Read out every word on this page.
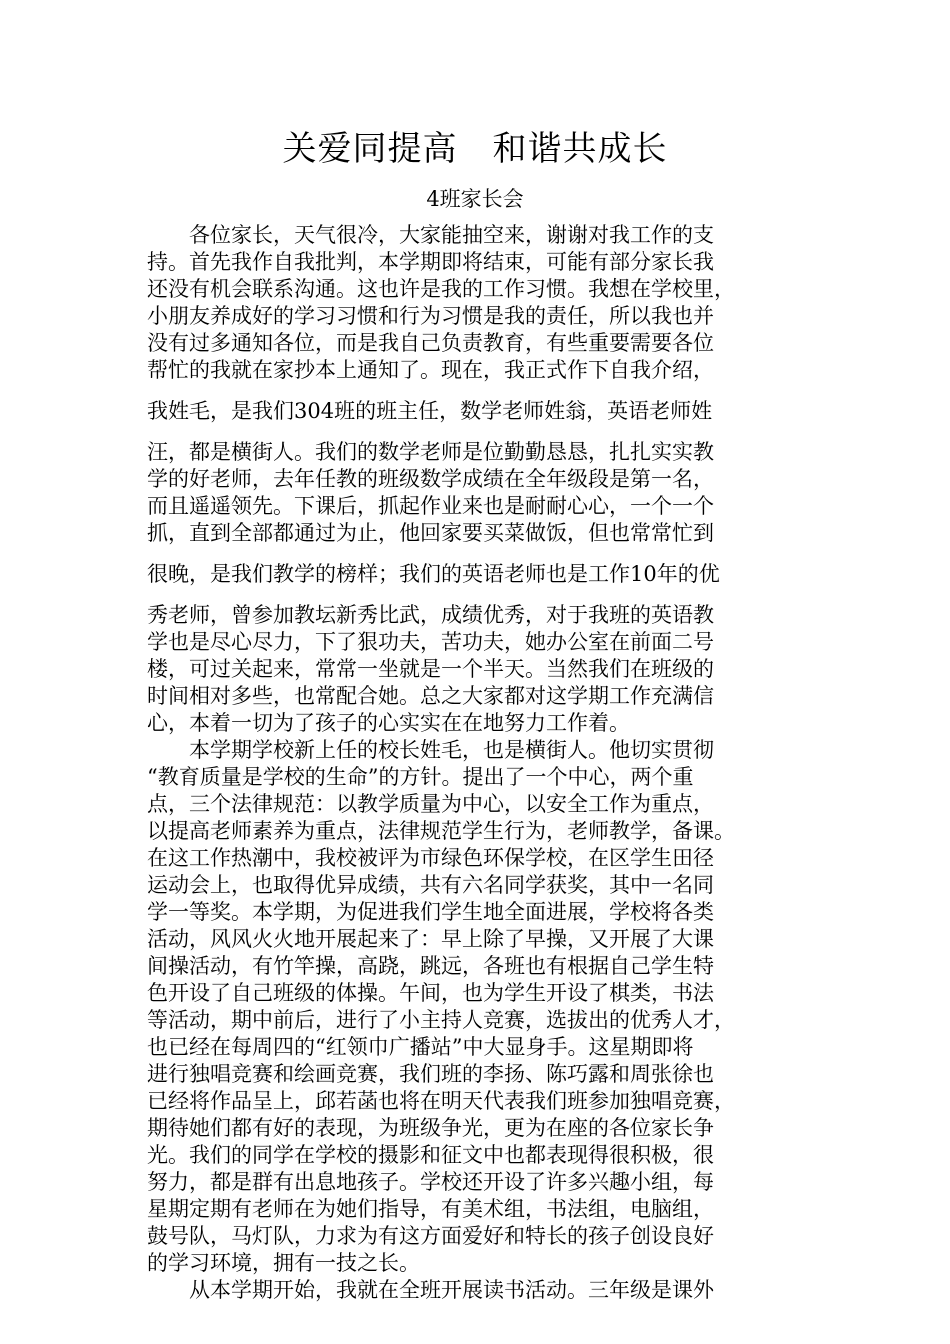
关爱同提高　和谐共成长
4班家长会
各位家长，天气很冷，大家能抽空来，谢谢对我工作的支
持。首先我作自我批判，本学期即将结束，可能有部分家长我
还没有机会联系沟通。这也许是我的工作习惯。我想在学校里，
小朋友养成好的学习习惯和行为习惯是我的责任，所以我也并
没有过多通知各位，而是我自己负责教育，有些重要需要各位
帮忙的我就在家抄本上通知了。现在，我正式作下自我介绍，
我姓毛，是我们304班的班主任，数学老师姓翁，英语老师姓
汪，都是横街人。我们的数学老师是位勤勤恳恳，扎扎实实教
学的好老师，去年任教的班级数学成绩在全年级段是第一名，
而且遥遥领先。下课后，抓起作业来也是耐耐心心，一个一个
抓，直到全部都通过为止，他回家要买菜做饭，但也常常忙到
很晚，是我们教学的榜样；我们的英语老师也是工作10年的优
秀老师，曾参加教坛新秀比武，成绩优秀，对于我班的英语教
学也是尽心尽力，下了狠功夫，苦功夫，她办公室在前面二号
楼，可过关起来，常常一坐就是一个半天。当然我们在班级的
时间相对多些，也常配合她。总之大家都对这学期工作充满信
心，本着一切为了孩子的心实实在在地努力工作着。
本学期学校新上任的校长姓毛，也是横街人。他切实贯彻
“教育质量是学校的生命”的方针。提出了一个中心，两个重
点，三个法律规范：以教学质量为中心，以安全工作为重点，
以提高老师素养为重点，法律规范学生行为，老师教学，备课。
在这工作热潮中，我校被评为市绿色环保学校，在区学生田径
运动会上，也取得优异成绩，共有六名同学获奖，其中一名同
学一等奖。本学期，为促进我们学生地全面进展，学校将各类
活动，风风火火地开展起来了：早上除了早操，又开展了大课
间操活动，有竹竿操，高跷，跳远，各班也有根据自己学生特
色开设了自己班级的体操。午间，也为学生开设了棋类，书法
等活动，期中前后，进行了小主持人竞赛，选拔出的优秀人才，
也已经在每周四的“红领巾广播站”中大显身手。这星期即将
进行独唱竞赛和绘画竞赛，我们班的李扬、陈巧露和周张徐也
已经将作品呈上，邱若菡也将在明天代表我们班参加独唱竞赛，
期待她们都有好的表现，为班级争光，更为在座的各位家长争
光。我们的同学在学校的摄影和征文中也都表现得很积极，很
努力，都是群有出息地孩子。学校还开设了许多兴趣小组，每
星期定期有老师在为她们指导，有美术组，书法组，电脑组，
鼓号队，马灯队，力求为有这方面爱好和特长的孩子创设良好
的学习环境，拥有一技之长。
从本学期开始，我就在全班开展读书活动。三年级是课外
